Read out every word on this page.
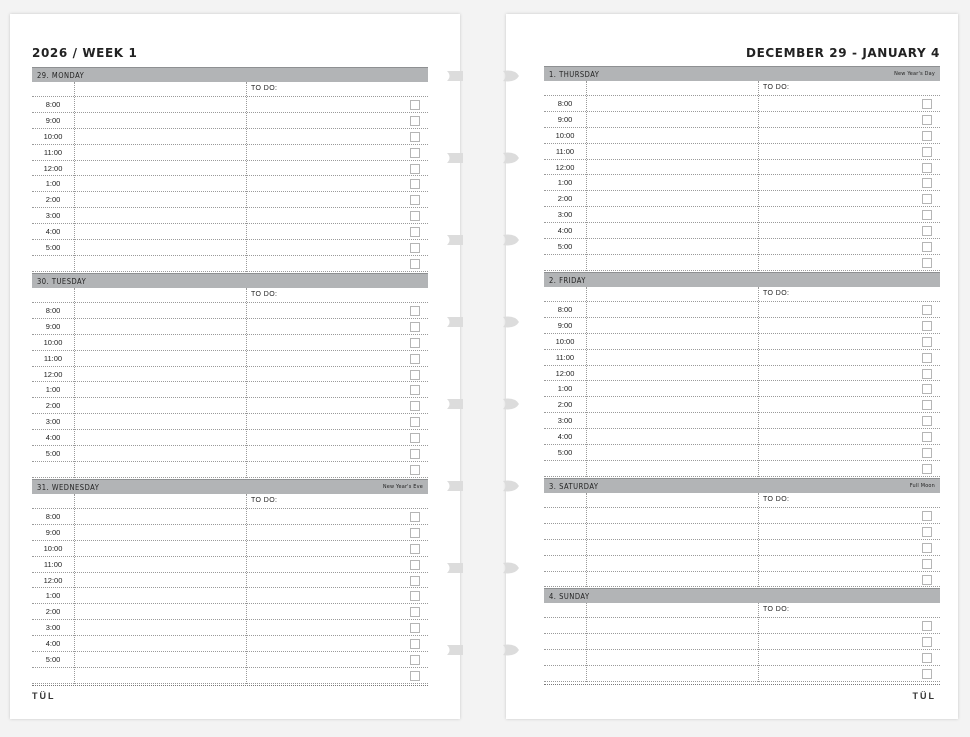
2026 / WEEK 1
TÜL
29. MONDAY
TO DO:
8:00
9:00
10:00
11:00
12:00
1:00
2:00
3:00
4:00
5:00
30. TUESDAY
TO DO:
8:00
9:00
10:00
11:00
12:00
1:00
2:00
3:00
4:00
5:00
31. WEDNESDAY	New Year's Eve
TO DO:
8:00
9:00
10:00
11:00
12:00
1:00
2:00
3:00
4:00
5:00
DECEMBER 29 - JANUARY 4
TÜL
1. THURSDAY	New Year's Day
TO DO:
8:00
9:00
10:00
11:00
12:00
1:00
2:00
3:00
4:00
5:00
2. FRIDAY
TO DO:
8:00
9:00
10:00
11:00
12:00
1:00
2:00
3:00
4:00
5:00
3. SATURDAY	Full Moon
TO DO:
4. SUNDAY
TO DO:
